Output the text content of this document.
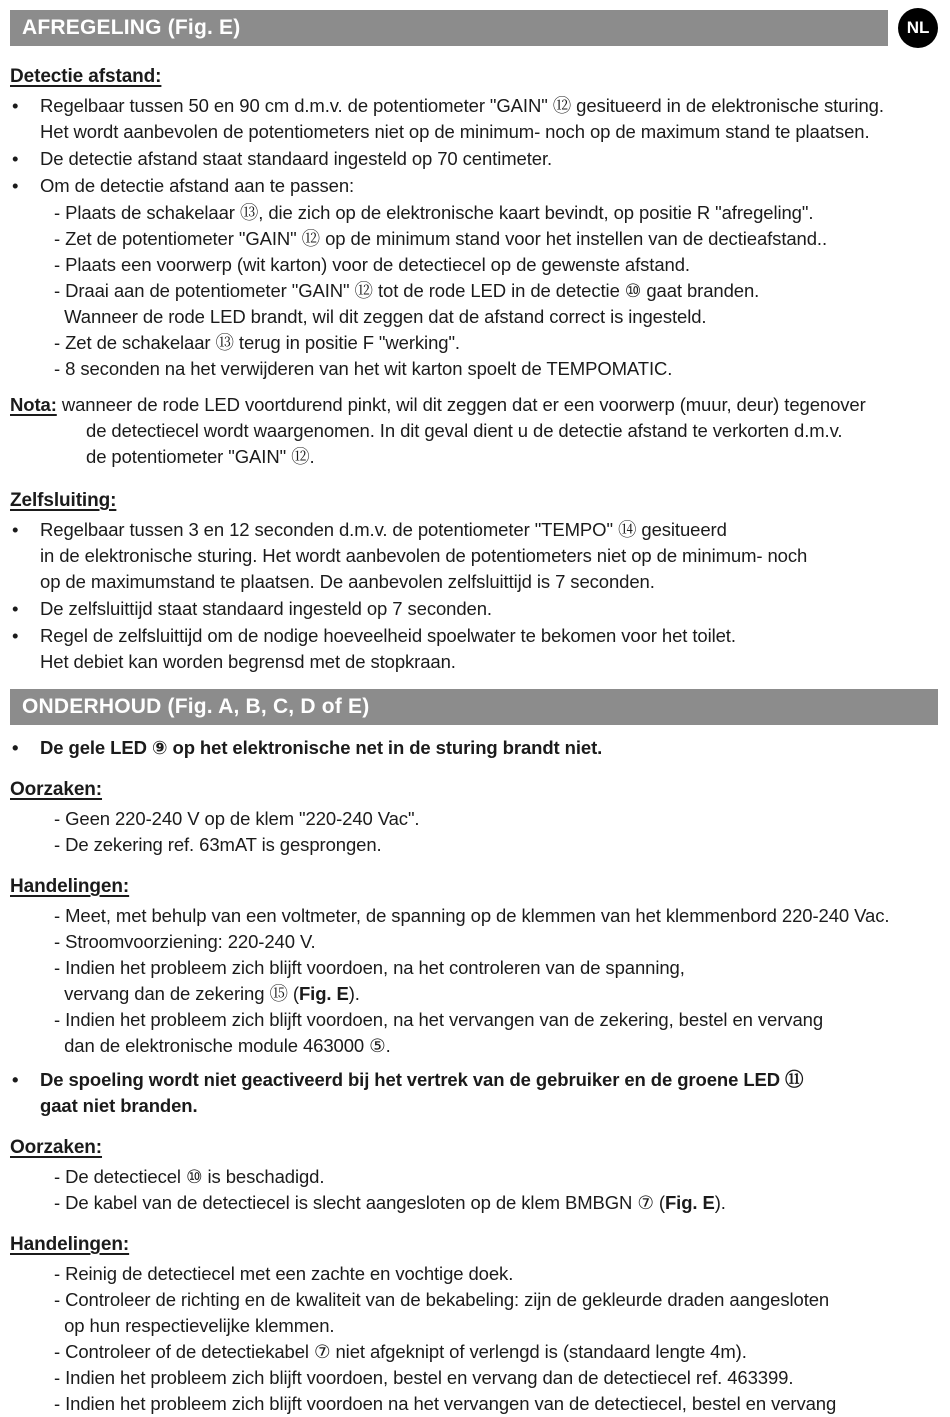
AFREGELING (Fig. E)	NL
Detectie afstand:
•	Regelbaar tussen 50 en 90 cm d.m.v. de potentiometer "GAIN" ⑫ gesitueerd in de elektronische sturing.
Het wordt aanbevolen de potentiometers niet op de minimum- noch op de maximum stand te plaatsen.
•	De detectie afstand staat standaard ingesteld op 70 centimeter.
•	Om de detectie afstand aan te passen:
- Plaats de schakelaar ⑬, die zich op de elektronische kaart bevindt, op positie R "afregeling".
- Zet de potentiometer "GAIN" ⑫ op de minimum stand voor het instellen van de dectieafstand..
- Plaats een voorwerp (wit karton) voor de detectiecel op de gewenste afstand.
- Draai aan de potentiometer "GAIN" ⑫ tot de rode LED in de detectie ⑩ gaat branden.
Wanneer de rode LED brandt, wil dit zeggen dat de afstand correct is ingesteld.
- Zet de schakelaar ⑬ terug in positie F "werking".
- 8 seconden na het verwijderen van het wit karton spoelt de TEMPOMATIC.
Nota: wanneer de rode LED voortdurend pinkt, wil dit zeggen dat er een voorwerp (muur, deur) tegenover
de detectiecel wordt waargenomen. In dit geval dient u de detectie afstand te verkorten d.m.v.
de potentiometer "GAIN" ⑫.
Zelfsluiting:
•	Regelbaar tussen 3 en 12 seconden d.m.v. de potentiometer "TEMPO" ⑭ gesitueerd
in de elektronische sturing. Het wordt aanbevolen de potentiometers niet op de minimum- noch
op de maximumstand te plaatsen. De aanbevolen zelfsluittijd is 7 seconden.
•	De zelfsluittijd staat standaard ingesteld op 7 seconden.
•	Regel de zelfsluittijd om de nodige hoeveelheid spoelwater te bekomen voor het toilet.
Het debiet kan worden begrensd met de stopkraan.
ONDERHOUD (Fig. A, B, C, D of E)
•	De gele LED ⑨ op het elektronische net in de sturing brandt niet.
Oorzaken:
- Geen 220-240 V op de klem "220-240 Vac".
- De zekering ref. 63mAT is gesprongen.
Handelingen:
- Meet, met behulp van een voltmeter, de spanning op de klemmen van het klemmenbord 220-240 Vac.
- Stroomvoorziening: 220-240 V.
- Indien het probleem zich blijft voordoen, na het controleren van de spanning,
vervang dan de zekering ⑮ (Fig. E).
- Indien het probleem zich blijft voordoen, na het vervangen van de zekering, bestel en vervang
dan de elektronische module 463000 ⑤.
•	De spoeling wordt niet geactiveerd bij het vertrek van de gebruiker en de groene LED ⑪
gaat niet branden.
Oorzaken:
- De detectiecel ⑩ is beschadigd.
- De kabel van de detectiecel is slecht aangesloten op de klem BMBGN ⑦ (Fig. E).
Handelingen:
- Reinig de detectiecel met een zachte en vochtige doek.
- Controleer de richting en de kwaliteit van de bekabeling: zijn de gekleurde draden aangesloten
op hun respectievelijke klemmen.
- Controleer of de detectiekabel ⑦ niet afgeknipt of verlengd is (standaard lengte 4m).
- Indien het probleem zich blijft voordoen, bestel en vervang dan de detectiecel ref. 463399.
- Indien het probleem zich blijft voordoen na het vervangen van de detectiecel, bestel en vervang
